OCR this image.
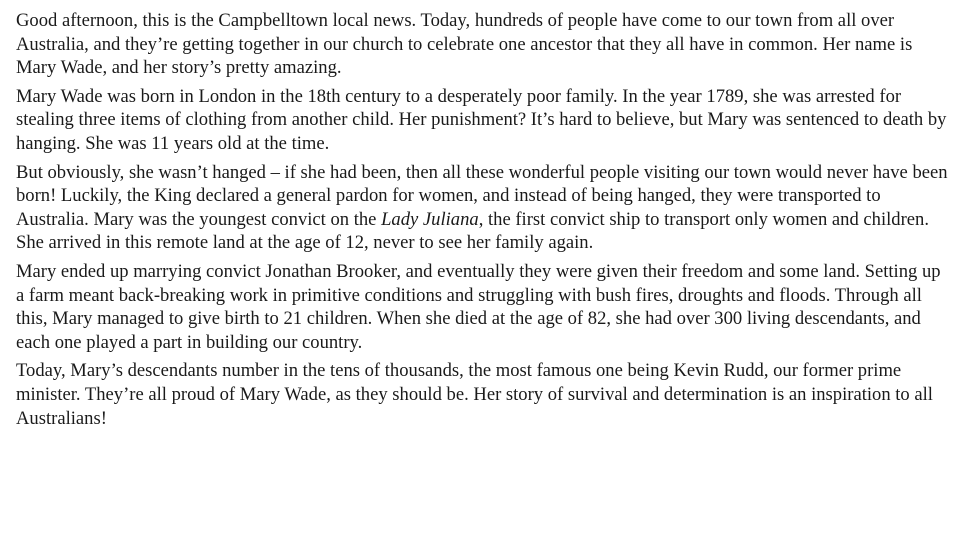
Good afternoon, this is the Campbelltown local news. Today, hundreds of people have come to our town from all over Australia, and they’re getting together in our church to celebrate one ancestor that they all have in common. Her name is Mary Wade, and her story’s pretty amazing.

Mary Wade was born in London in the 18th century to a desperately poor family. In the year 1789, she was arrested for stealing three items of clothing from another child. Her punishment? It’s hard to believe, but Mary was sentenced to death by hanging. She was 11 years old at the time.

But obviously, she wasn’t hanged – if she had been, then all these wonderful people visiting our town would never have been born! Luckily, the King declared a general pardon for women, and instead of being hanged, they were transported to Australia. Mary was the youngest convict on the Lady Juliana, the first convict ship to transport only women and children. She arrived in this remote land at the age of 12, never to see her family again.

Mary ended up marrying convict Jonathan Brooker, and eventually they were given their freedom and some land. Setting up a farm meant back-breaking work in primitive conditions and struggling with bush fires, droughts and floods. Through all this, Mary managed to give birth to 21 children. When she died at the age of 82, she had over 300 living descendants, and each one played a part in building our country.

Today, Mary’s descendants number in the tens of thousands, the most famous one being Kevin Rudd, our former prime minister. They’re all proud of Mary Wade, as they should be. Her story of survival and determination is an inspiration to all Australians!
